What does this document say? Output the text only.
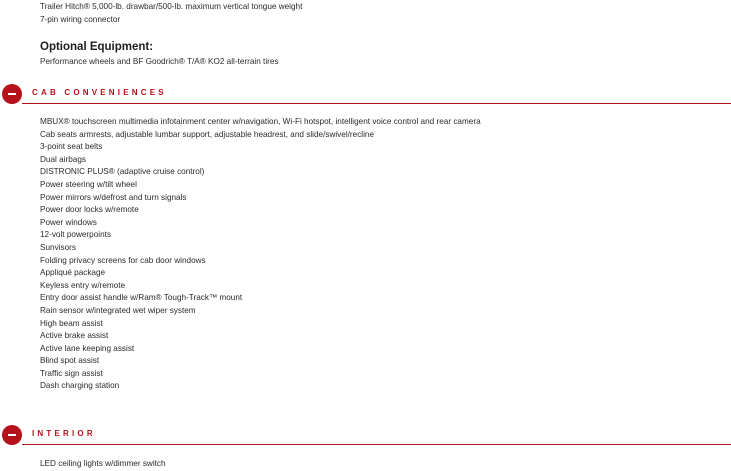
Trailer Hitch® 5,000-lb. drawbar/500-lb. maximum vertical tongue weight
7-pin wiring connector
Optional Equipment:
Performance wheels and BF Goodrich® T/A® KO2 all-terrain tires
CAB CONVENIENCES
MBUX® touchscreen multimedia infotainment center w/navigation, Wi-Fi hotspot, intelligent voice control and rear camera
Cab seats armrests, adjustable lumbar support, adjustable headrest, and slide/swivel/recline
3-point seat belts
Dual airbags
DISTRONIC PLUS® (adaptive cruise control)
Power steering w/tilt wheel
Power mirrors w/defrost and turn signals
Power door locks w/remote
Power windows
12-volt powerpoints
Sunvisors
Folding privacy screens for cab door windows
Appliqué package
Keyless entry w/remote
Entry door assist handle w/Ram® Tough-Track™ mount
Rain sensor w/integrated wet wiper system
High beam assist
Active brake assist
Active lane keeping assist
Blind spot assist
Traffic sign assist
Dash charging station
INTERIOR
LED ceiling lights w/dimmer switch
